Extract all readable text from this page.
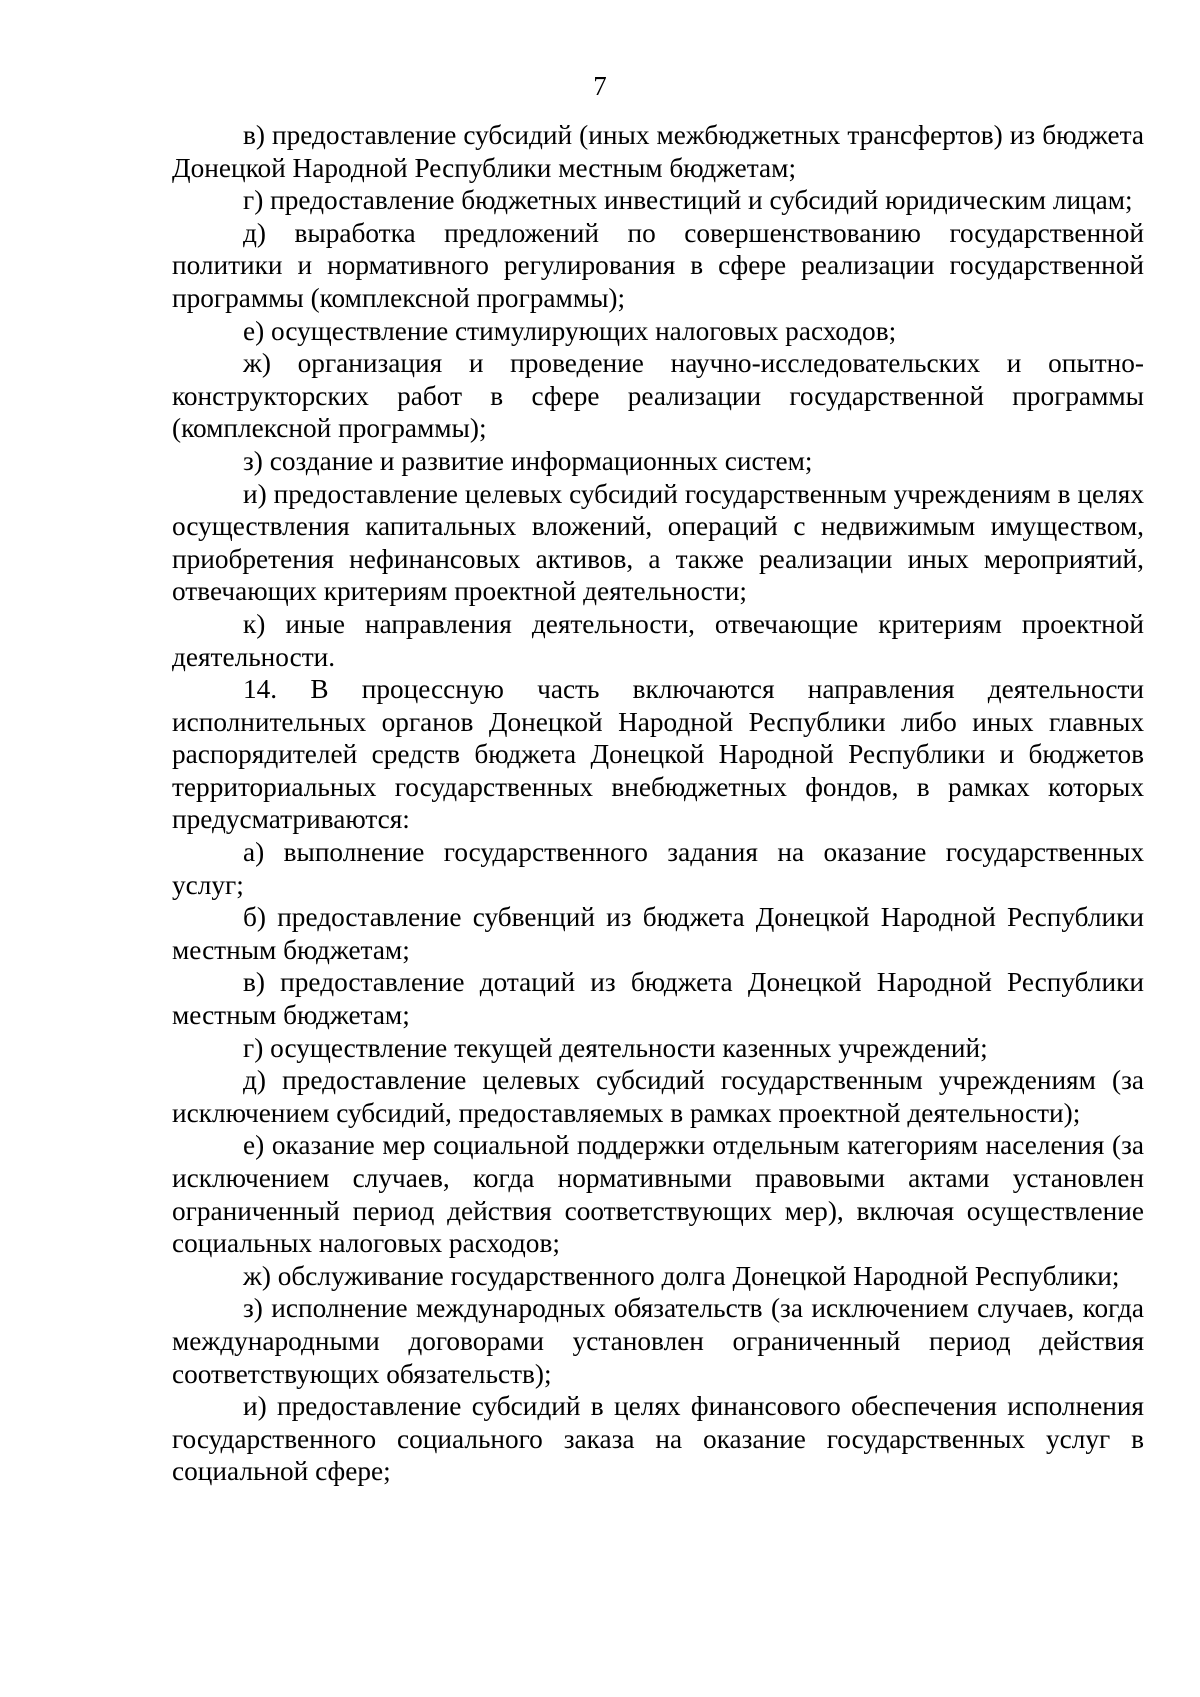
7

в) предоставление субсидий (иных межбюджетных трансфертов) из бюджета Донецкой Народной Республики местным бюджетам;

г) предоставление бюджетных инвестиций и субсидий юридическим лицам;

д) выработка предложений по совершенствованию государственной политики и нормативного регулирования в сфере реализации государственной программы (комплексной программы);

е) осуществление стимулирующих налоговых расходов;

ж) организация и проведение научно-исследовательских и опытно-конструкторских работ в сфере реализации государственной программы (комплексной программы);

з) создание и развитие информационных систем;

и) предоставление целевых субсидий государственным учреждениям в целях осуществления капитальных вложений, операций с недвижимым имуществом, приобретения нефинансовых активов, а также реализации иных мероприятий, отвечающих критериям проектной деятельности;

к) иные направления деятельности, отвечающие критериям проектной деятельности.

14. В процессную часть включаются направления деятельности исполнительных органов Донецкой Народной Республики либо иных главных распорядителей средств бюджета Донецкой Народной Республики и бюджетов территориальных государственных внебюджетных фондов, в рамках которых предусматриваются:

а) выполнение государственного задания на оказание государственных услуг;

б) предоставление субвенций из бюджета Донецкой Народной Республики местным бюджетам;

в) предоставление дотаций из бюджета Донецкой Народной Республики местным бюджетам;

г) осуществление текущей деятельности казенных учреждений;

д) предоставление целевых субсидий государственным учреждениям (за исключением субсидий, предоставляемых в рамках проектной деятельности);

е) оказание мер социальной поддержки отдельным категориям населения (за исключением случаев, когда нормативными правовыми актами установлен ограниченный период действия соответствующих мер), включая осуществление социальных налоговых расходов;

ж) обслуживание государственного долга Донецкой Народной Республики;

з) исполнение международных обязательств (за исключением случаев, когда международными договорами установлен ограниченный период действия соответствующих обязательств);

и) предоставление субсидий в целях финансового обеспечения исполнения государственного социального заказа на оказание государственных услуг в социальной сфере;
